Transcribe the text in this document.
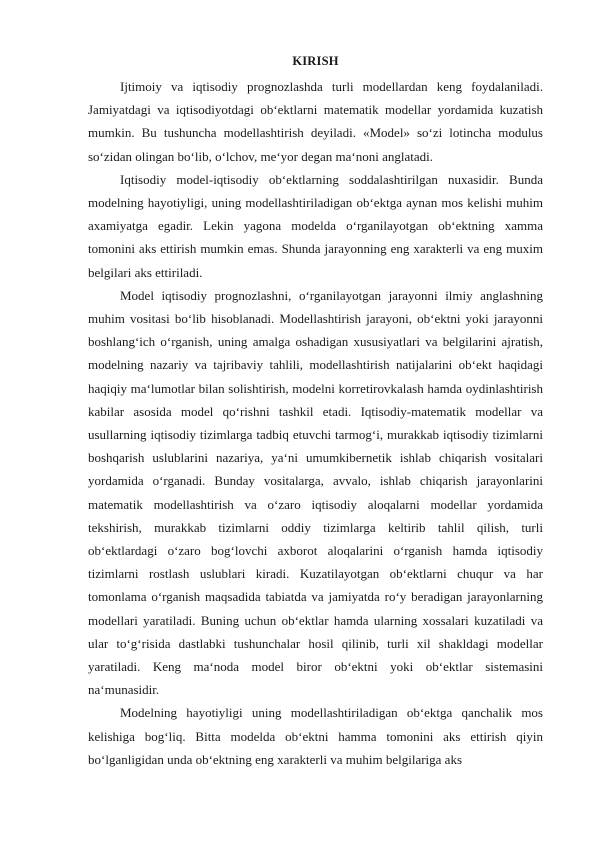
KIRISH

Ijtimoiy va iqtisodiy prognozlashda turli modellardan keng foydalaniladi. Jamiyatdagi va iqtisodiyotdagi ob‘ektlarni matematik modellar yordamida kuzatish mumkin. Bu tushuncha modellashtirish deyiladi. «Model» so‘zi lotincha modulus so‘zidan olingan bo‘lib, o‘lchov, me‘yor degan ma‘noni anglatadi.

Iqtisodiy model-iqtisodiy ob‘ektlarning soddalashtirilgan nuxasidir. Bunda modelning hayotiyligi, uning modellashtiriladigan ob‘ektga aynan mos kelishi muhim axamiyatga egadir. Lekin yagona modelda o‘rganilayotgan ob‘ektning xamma tomonini aks ettirish mumkin emas. Shunda jarayonning eng xarakterli va eng muxim belgilari aks ettiriladi.

Model iqtisodiy prognozlashni, o‘rganilayotgan jarayonni ilmiy anglashning muhim vositasi bo‘lib hisoblanadi. Modellashtirish jarayoni, ob‘ektni yoki jarayonni boshlang‘ich o‘rganish, uning amalga oshadigan xususiyatlari va belgilarini ajratish, modelning nazariy va tajribaviy tahlili, modellashtirish natijalarini ob‘ekt haqidagi haqiqiy ma‘lumotlar bilan solishtirish, modelni korretirovkalash hamda oydinlashtirish kabilar asosida model qo‘rishni tashkil etadi. Iqtisodiy-matematik modellar va usullarning iqtisodiy tizimlarga tadbiq etuvchi tarmog‘i, murakkab iqtisodiy tizimlarni boshqarish uslublarini nazariya, ya‘ni umumkibernetik ishlab chiqarish vositalari yordamida o‘rganadi. Bunday vositalarga, avvalo, ishlab chiqarish jarayonlarini matematik modellashtirish va o‘zaro iqtisodiy aloqalarni modellar yordamida tekshirish, murakkab tizimlarni oddiy tizimlarga keltirib tahlil qilish, turli ob‘ektlardagi o‘zaro bog‘lovchi axborot aloqalarini o‘rganish hamda iqtisodiy tizimlarni rostlash uslublari kiradi. Kuzatilayotgan ob‘ektlarni chuqur va har tomonlama o‘rganish maqsadida tabiatda va jamiyatda ro‘y beradigan jarayonlarning modellari yaratiladi. Buning uchun ob‘ektlar hamda ularning xossalari kuzatiladi va ular to‘g‘risida dastlabki tushunchalar hosil qilinib, turli xil shakldagi modellar yaratiladi. Keng ma‘noda model biror ob‘ektni yoki ob‘ektlar sistemasini na‘munasidir.

Modelning hayotiyligi uning modellashtiriladigan ob‘ektga qanchalik mos kelishiga bog‘liq. Bitta modelda ob‘ektni hamma tomonini aks ettirish qiyin bo‘lganligidan unda ob‘ektning eng xarakterli va muhim belgilariga aks
